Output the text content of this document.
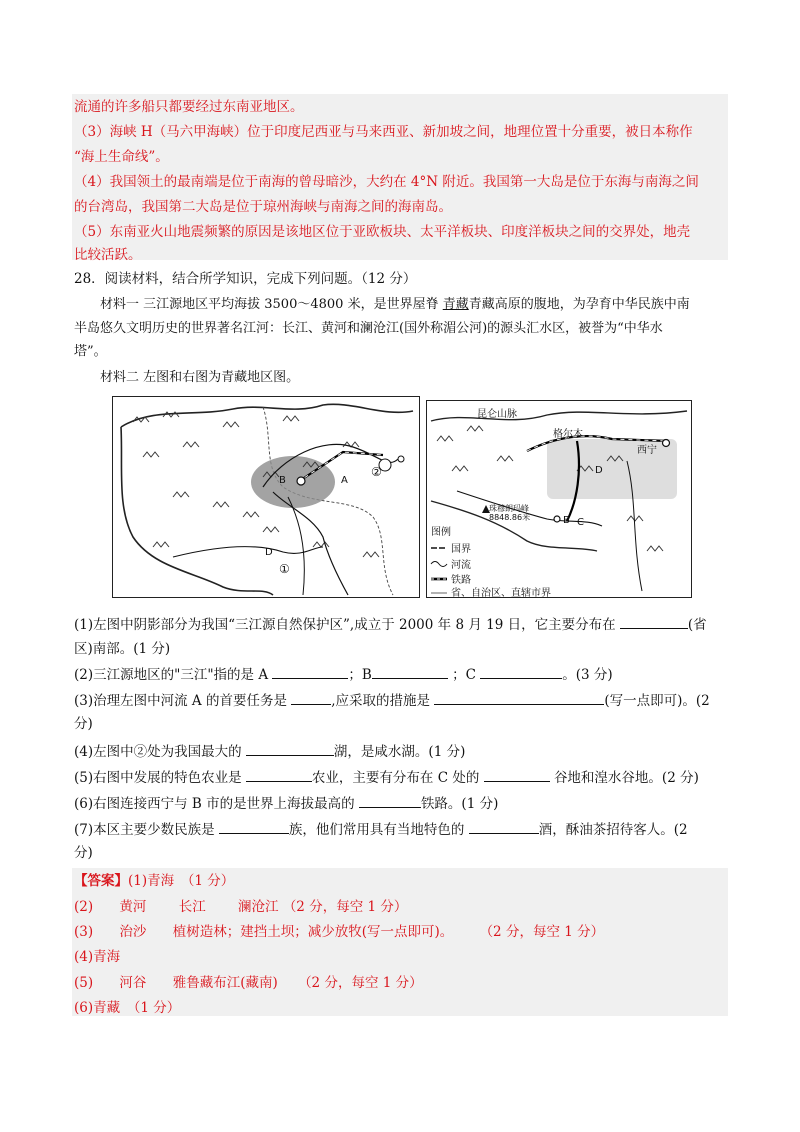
流通的许多船只都要经过东南亚地区。
（3）海峡 H（马六甲海峡）位于印度尼西亚与马来西亚、新加坡之间，地理位置十分重要，被日本称作
“海上生命线”。
（4）我国领土的最南端是位于南海的曾母暗沙，大约在 4°N 附近。我国第一大岛是位于东海与南海之间
的台湾岛，我国第二大岛是位于琼州海峡与南海之间的海南岛。
（5）东南亚火山地震频繁的原因是该地区位于亚欧板块、太平洋板块、印度洋板块之间的交界处，地壳
比较活跃。
28．阅读材料，结合所学知识，完成下列问题。（12 分）
材料一 三江源地区平均海拔 3500～4800 米，是世界屋脊 青藏青藏高原的腹地，为孕育中华民族中南
半岛悠久文明历史的世界著名江河：长江、黄河和澜沧江(国外称湄公河)的源头汇水区，被誉为“中华水
塔”。
材料二 左图和右图为青藏地区图。
B	A
D
①
②
昆仑山脉
格尔木
西宁
D
珠穆朗玛峰
8848.86米	B C
图例
国界
河流
铁路
省、自治区、直辖市界
(1)左图中阴影部分为我国“三江源自然保护区”,成立于 2000 年 8 月 19 日，它主要分布在	(省
区)南部。(1 分)
(2)三江源地区的"三江"指的是 A	；B	；C	。(3 分)
(3)治理左图中河流 A 的首要任务是	,应采取的措施是	(写一点即可)。(2
分)
(4)左图中②处为我国最大的	湖，是咸水湖。(1 分)
(5)右图中发展的特色农业是	农业，主要有分布在 C 处的	谷地和湟水谷地。(2 分)
(6)右图连接西宁与 B 市的是世界上海拔最高的	铁路。(1 分)
(7)本区主要少数民族是	族，他们常用具有当地特色的	酒，酥油茶招待客人。(2
分)
【答案】(1)青海　（1 分）
(2) 黄河 长江 澜沧江 （2 分，每空 1 分）
(3) 治沙 植树造林；建挡土坝；减少放牧(写一点即可)。 （2 分，每空 1 分）
(4)青海
(5) 河谷 雅鲁藏布江(藏南) （2 分，每空 1 分）
(6)青藏　（1 分）
